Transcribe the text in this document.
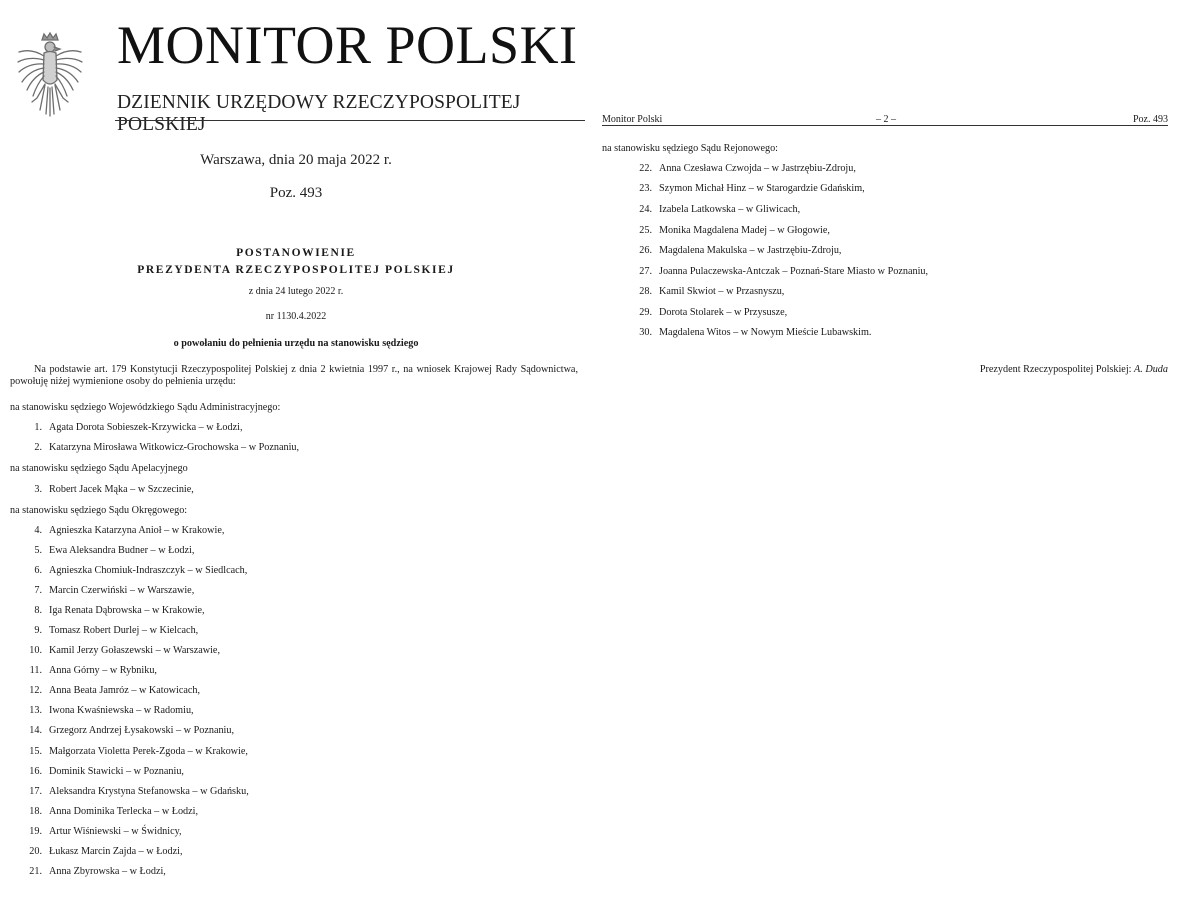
MONITOR POLSKI
DZIENNIK URZĘDOWY RZECZYPOSPOLITEJ POLSKIEJ
Warszawa, dnia 20 maja 2022 r.
Poz. 493
POSTANOWIENIE
PREZYDENTA RZECZYPOSPOLITEJ POLSKIEJ
z dnia 24 lutego 2022 r.
nr 1130.4.2022
o powołaniu do pełnienia urzędu na stanowisku sędziego

Na podstawie art. 179 Konstytucji Rzeczypospolitej Polskiej z dnia 2 kwietnia 1997 r., na wniosek Krajowej Rady Sądownictwa, powołuję niżej wymienione osoby do pełnienia urzędu:

na stanowisku sędziego Wojewódzkiego Sądu Administracyjnego:
1. Agata Dorota Sobieszek-Krzywicka – w Łodzi,
2. Katarzyna Mirosława Witkowicz-Grochowska – w Poznaniu,
na stanowisku sędziego Sądu Apelacyjnego
3. Robert Jacek Mąka – w Szczecinie,
na stanowisku sędziego Sądu Okręgowego:
4. Agnieszka Katarzyna Anioł – w Krakowie,
5. Ewa Aleksandra Budner – w Łodzi,
6. Agnieszka Chomiuk-Indraszczyk – w Siedlcach,
7. Marcin Czerwiński – w Warszawie,
8. Iga Renata Dąbrowska – w Krakowie,
9. Tomasz Robert Durlej – w Kielcach,
10. Kamil Jerzy Gołaszewski – w Warszawie,
11. Anna Górny – w Rybniku,
12. Anna Beata Jamróz – w Katowicach,
13. Iwona Kwaśniewska – w Radomiu,
14. Grzegorz Andrzej Łysakowski – w Poznaniu,
15. Małgorzata Violetta Perek-Zgoda – w Krakowie,
16. Dominik Stawicki – w Poznaniu,
17. Aleksandra Krystyna Stefanowska – w Gdańsku,
18. Anna Dominika Terlecka – w Łodzi,
19. Artur Wiśniewski – w Świdnicy,
20. Łukasz Marcin Zajda – w Łodzi,
21. Anna Zbyrowska – w Łodzi,
Monitor Polski	– 2 –	Poz. 493
na stanowisku sędziego Sądu Rejonowego:
22. Anna Czesława Czwojda – w Jastrzębiu-Zdroju,
23. Szymon Michał Hinz – w Starogardzie Gdańskim,
24. Izabela Latkowska – w Gliwicach,
25. Monika Magdalena Madej – w Głogowie,
26. Magdalena Makulska – w Jastrzębiu-Zdroju,
27. Joanna Pulaczewska-Antczak – Poznań-Stare Miasto w Poznaniu,
28. Kamil Skwiot – w Przasnyszu,
29. Dorota Stolarek – w Przysusze,
30. Magdalena Witos – w Nowym Mieście Lubawskim.
Prezydent Rzeczypospolitej Polskiej: A. Duda
